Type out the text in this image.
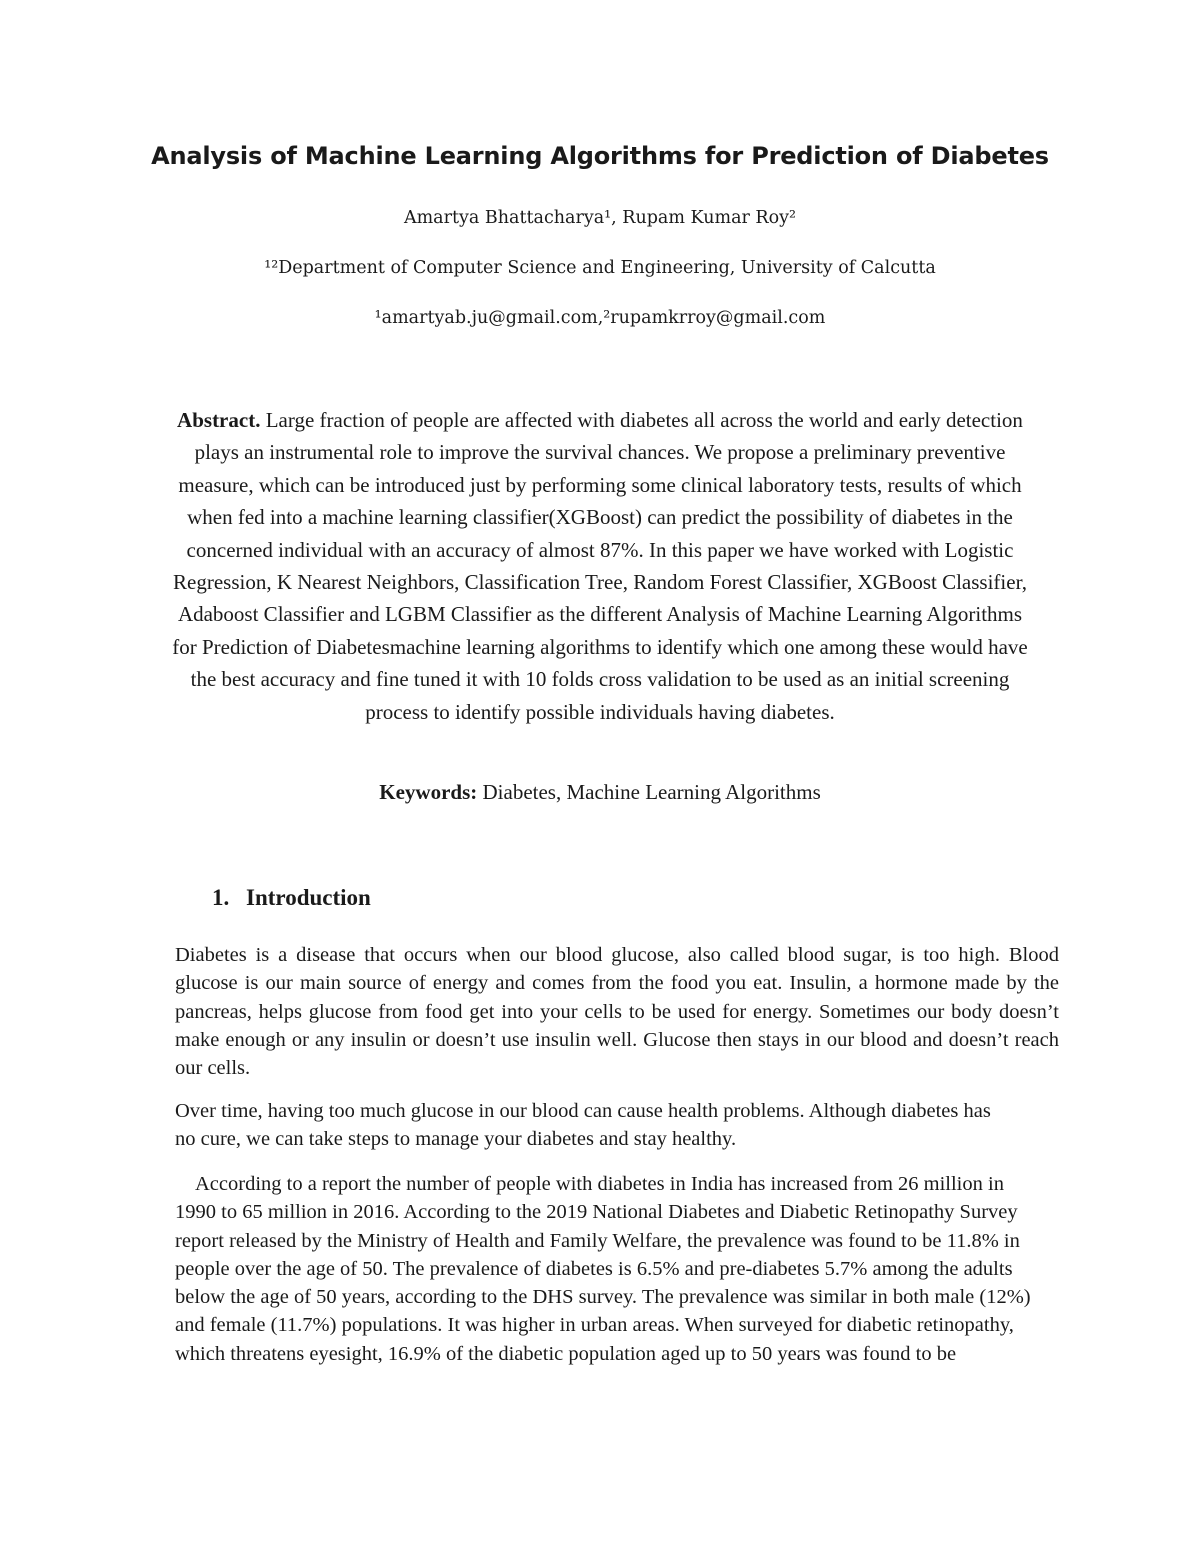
Analysis of Machine Learning Algorithms for Prediction of Diabetes

Amartya Bhattacharya¹, Rupam Kumar Roy²

¹²Department of Computer Science and Engineering, University of Calcutta

¹amartyab.ju@gmail.com,²rupamkrroy@gmail.com

Abstract. Large fraction of people are affected with diabetes all across the world and early detection plays an instrumental role to improve the survival chances. We propose a preliminary preventive measure, which can be introduced just by performing some clinical laboratory tests, results of which when fed into a machine learning classifier(XGBoost) can predict the possibility of diabetes in the concerned individual with an accuracy of almost 87%. In this paper we have worked with Logistic Regression, K Nearest Neighbors, Classification Tree, Random Forest Classifier, XGBoost Classifier, Adaboost Classifier and LGBM Classifier as the different Analysis of Machine Learning Algorithms for Prediction of Diabetesmachine learning algorithms to identify which one among these would have the best accuracy and fine tuned it with 10 folds cross validation to be used as an initial screening process to identify possible individuals having diabetes.

Keywords: Diabetes, Machine Learning Algorithms

1. Introduction

Diabetes is a disease that occurs when our blood glucose, also called blood sugar, is too high. Blood glucose is our main source of energy and comes from the food you eat. Insulin, a hormone made by the pancreas, helps glucose from food get into your cells to be used for energy. Sometimes our body doesn’t make enough or any insulin or doesn’t use insulin well. Glucose then stays in our blood and doesn’t reach our cells.

Over time, having too much glucose in our blood can cause health problems. Although diabetes has no cure, we can take steps to manage your diabetes and stay healthy.

According to a report the number of people with diabetes in India has increased from 26 million in 1990 to 65 million in 2016. According to the 2019 National Diabetes and Diabetic Retinopathy Survey report released by the Ministry of Health and Family Welfare, the prevalence was found to be 11.8% in people over the age of 50. The prevalence of diabetes is 6.5% and pre-diabetes 5.7% among the adults below the age of 50 years, according to the DHS survey. The prevalence was similar in both male (12%) and female (11.7%) populations. It was higher in urban areas. When surveyed for diabetic retinopathy, which threatens eyesight, 16.9% of the diabetic population aged up to 50 years was found to be
